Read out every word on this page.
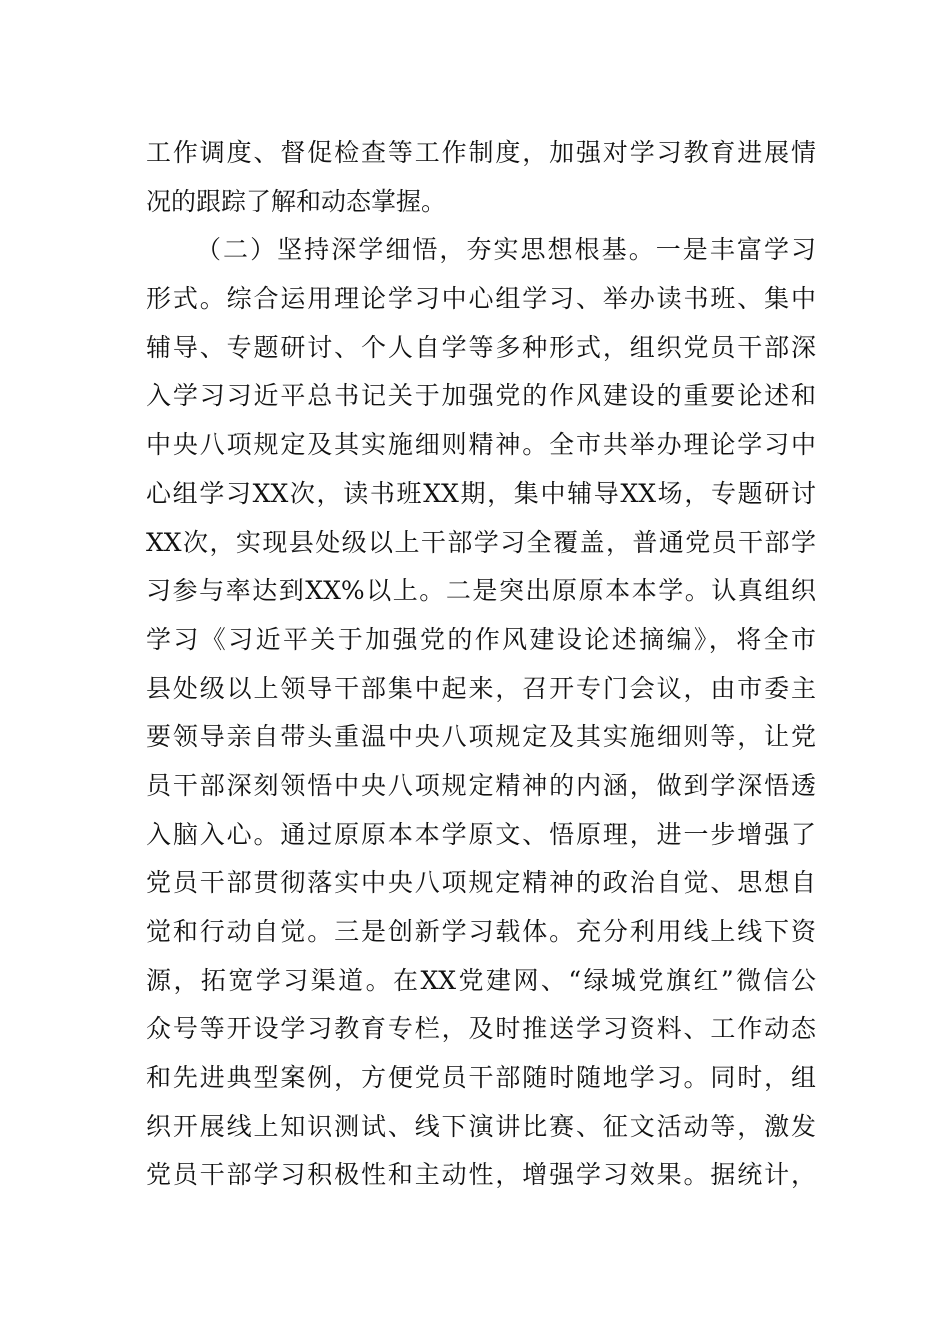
工作调度、督促检查等工作制度，加强对学习教育进展情
况的跟踪了解和动态掌握。
（二）坚持深学细悟，夯实思想根基。一是丰富学习
形式。综合运用理论学习中心组学习、举办读书班、集中
辅导、专题研讨、个人自学等多种形式，组织党员干部深
入学习习近平总书记关于加强党的作风建设的重要论述和
中央八项规定及其实施细则精神。全市共举办理论学习中
心组学习XX次，读书班XX期，集中辅导XX场，专题研讨
XX次，实现县处级以上干部学习全覆盖，普通党员干部学
习参与率达到XX%以上。二是突出原原本本学。认真组织
学习《习近平关于加强党的作风建设论述摘编》，将全市
县处级以上领导干部集中起来，召开专门会议，由市委主
要领导亲自带头重温中央八项规定及其实施细则等，让党
员干部深刻领悟中央八项规定精神的内涵，做到学深悟透
入脑入心。通过原原本本学原文、悟原理，进一步增强了
党员干部贯彻落实中央八项规定精神的政治自觉、思想自
觉和行动自觉。三是创新学习载体。充分利用线上线下资
源，拓宽学习渠道。在XX党建网、“绿城党旗红”微信公
众号等开设学习教育专栏，及时推送学习资料、工作动态
和先进典型案例，方便党员干部随时随地学习。同时，组
织开展线上知识测试、线下演讲比赛、征文活动等，激发
党员干部学习积极性和主动性，增强学习效果。据统计，
